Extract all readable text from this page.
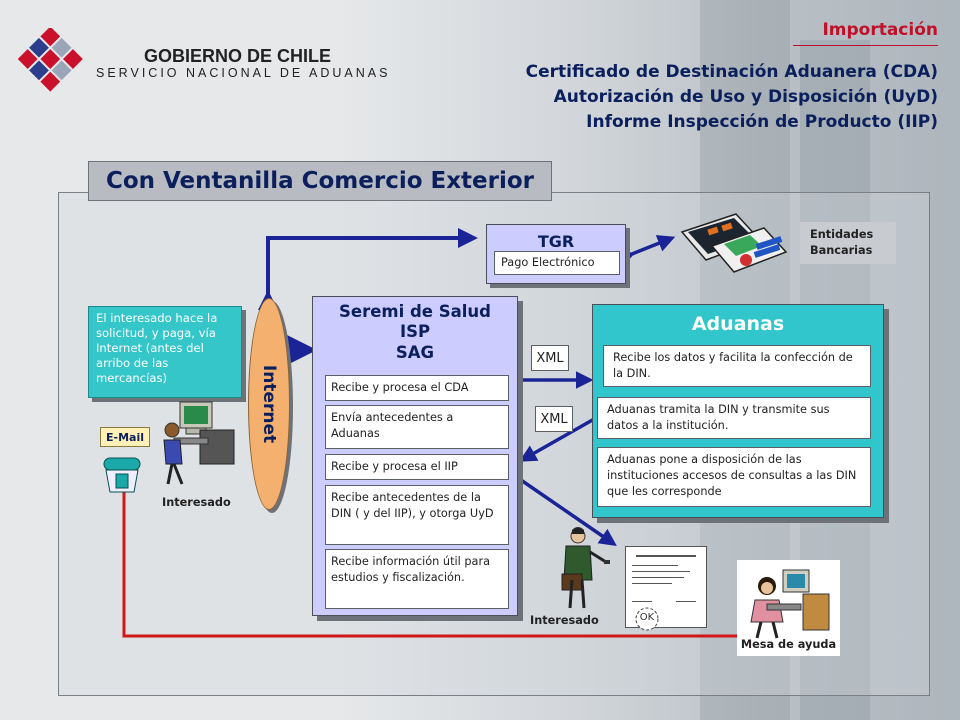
GOBIERNO DE CHILE
SERVICIO NACIONAL DE ADUANAS
Importación
Certificado de Destinación Aduanera (CDA)
Autorización de Uso y Disposición (UyD)
Informe Inspección de Producto (IIP)
Con Ventanilla Comercio Exterior
TGR
Pago Electrónico
Entidades
Bancarias
El interesado hace la solicitud, y paga, vía Internet (antes del arribo de las mercancías)	Internet
E-Mail
Interesado
Seremi de Salud
ISP
SAG
Recibe y procesa el CDA
Envía antecedentes a Aduanas
Recibe y procesa el IIP
Recibe antecedentes de la DIN ( y del IIP), y otorga UyD
Recibe información útil para estudios y fiscalización.
XML
XML
Aduanas
Recibe los datos y facilita la confección de la DIN.
Aduanas tramita la DIN y transmite sus datos a la institución.
Aduanas pone a disposición de las instituciones accesos de consultas a las DIN que les corresponde
Interesado	OK
Mesa de ayuda
